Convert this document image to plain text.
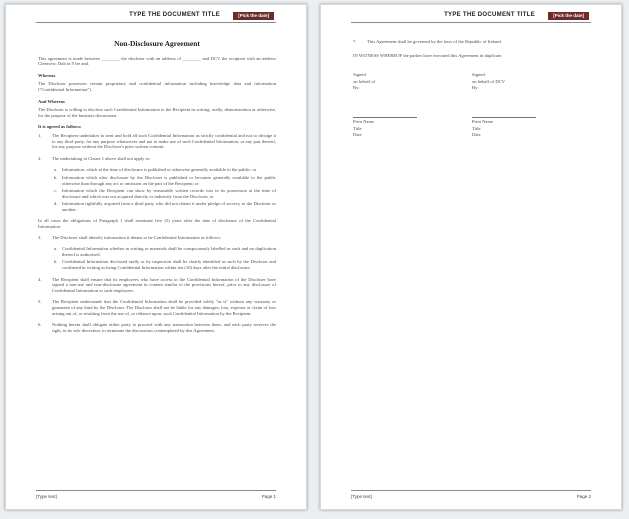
TYPE THE DOCUMENT TITLE	[Pick the date]
Non-Disclosure Agreement
This agreement is made between ________ the discloser with an address of ________ and DCV the recipient with an address Glenview, Dub in 9 Ire and.
Whereas
The Discloser possesses certain proprietary and confidential information including knowledge data and information ("Confidential Information").
And Whereas
The Discloser is willing to disclose such Confidential Information to the Recipient in writing, orally, demonstration or otherwise, for the purpose of the business discussions.
It is agreed as follows:
1.	The Recipient undertakes to treat and hold all such Confidential Information as strictly confidential and not to divulge it to any third party, for any purpose whatsoever and not to make use of such Confidential Information, or any part thereof, for any purpose without the Discloser's prior written consent.
2.	The undertaking in Clause 1 above shall not apply to:
a.	Information, which at the time of disclosure is published or otherwise generally available to the public; or
b. Information which after disclosure by the Discloser is published or becomes generally available to the public otherwise than through any act or omission on the part of the Recipient; or
c.	Information which the Recipient can show by reasonable written records was in its possession at the time of disclosure and which was not acquired directly or indirectly from the Discloser; or
d. Information rightfully acquired from a third party who did not obtain it under pledge of secrecy to the Discloser or another.
In all cases the obligations of Paragraph 1 shall terminate five (5) years after the date of disclosure of the Confidential Information.
3.	The Discloser shall identify information it deems to be Confidential Information as follows:
a.	Confidential Information whether in writing or materials shall be conspicuously labelled as such and no duplication thereof is authorised.
b. Confidential Information disclosed orally or by inspection shall be clearly identified as such by the Discloser and confirmed in writing as being Confidential Information within ten (10) days after the initial disclosure.
4.	The Recipient shall ensure that its employees who have access to the Confidential Information of the Discloser have signed a non-use and non-disclosure agreement in content similar to the provisions hereof, prior to any disclosure of Confidential Information to such employees.
5.	The Recipient understands that the Confidential Information shall be provided solely "as is" without any warranty or guarantee of any kind by the Discloser. The Discloser shall not be liable for any damages, loss, expense or claim of loss arising out of, or resulting from the use of, or reliance upon, such Confidential Information by the Recipient.
6.	Nothing herein shall obligate either party to proceed with any transaction between them, and each party reserves the right, in its sole discretion, to terminate the discussions contemplated by this Agreement.
[Type text]	Page 1
TYPE THE DOCUMENT TITLE	[Pick the date]
7.	This Agreement shall be governed by the laws of the Republic of Ireland.
IN WITNESS WHEREOF the parties have executed this Agreement in duplicate.
Signed
on behalf of
By:
Print Name
Title
Date
Signed
on behalf of DCV
By:
Print Name
Title
Date
[Type text]	Page 2
